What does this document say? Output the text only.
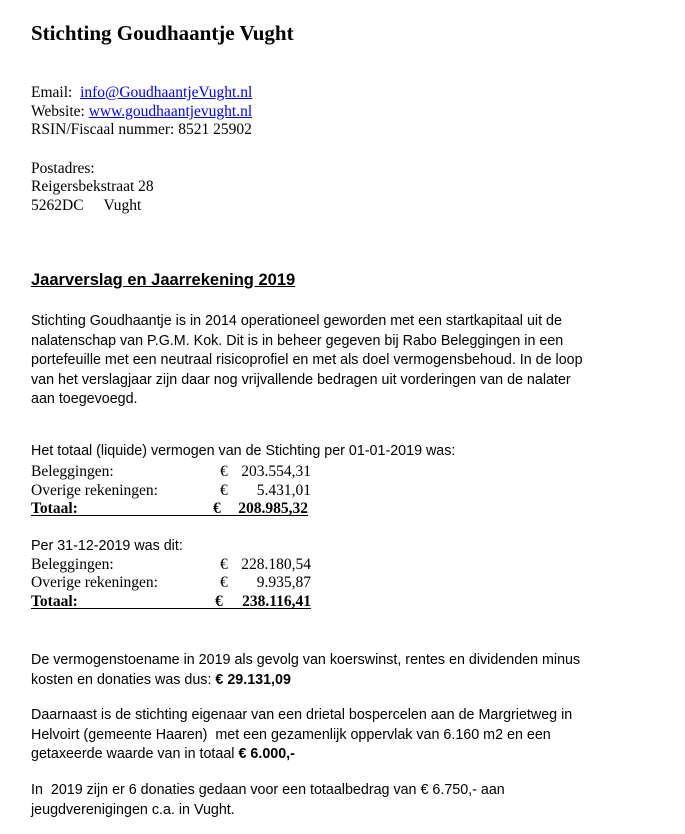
Stichting Goudhaantje Vught
Email: info@GoudhaantjeVught.nl
Website: www.goudhaantjevught.nl
RSIN/Fiscaal nummer: 8521 25902
Postadres:
Reigersbekstraat 28
5262DC Vught
Jaarverslag en Jaarrekening 2019
Stichting Goudhaantje is in 2014 operationeel geworden met een startkapitaal uit de
nalatenschap van P.G.M. Kok. Dit is in beheer gegeven bij Rabo Beleggingen in een
portefeuille met een neutraal risicoprofiel en met als doel vermogensbehoud. In de loop
van het verslagjaar zijn daar nog vrijvallende bedragen uit vorderingen van de nalater
aan toegevoegd.
Het totaal (liquide) vermogen van de Stichting per 01-01-2019 was:
Beleggingen:	€ 203.554,31
Overige rekeningen:	€ 5.431,01
Totaal:	€ 208.985,32
Per 31-12-2019 was dit:
Beleggingen:	€ 228.180,54
Overige rekeningen:	€ 9.935,87
Totaal:	€ 238.116,41
De vermogenstoename in 2019 als gevolg van koerswinst, rentes en dividenden minus
kosten en donaties was dus: € 29.131,09
Daarnaast is de stichting eigenaar van een drietal bospercelen aan de Margrietweg in
Helvoirt (gemeente Haaren)  met een gezamenlijk oppervlak van 6.160 m2 en een
getaxeerde waarde van in totaal € 6.000,-
In  2019 zijn er 6 donaties gedaan voor een totaalbedrag van € 6.750,- aan
jeugdverenigingen c.a. in Vught.
